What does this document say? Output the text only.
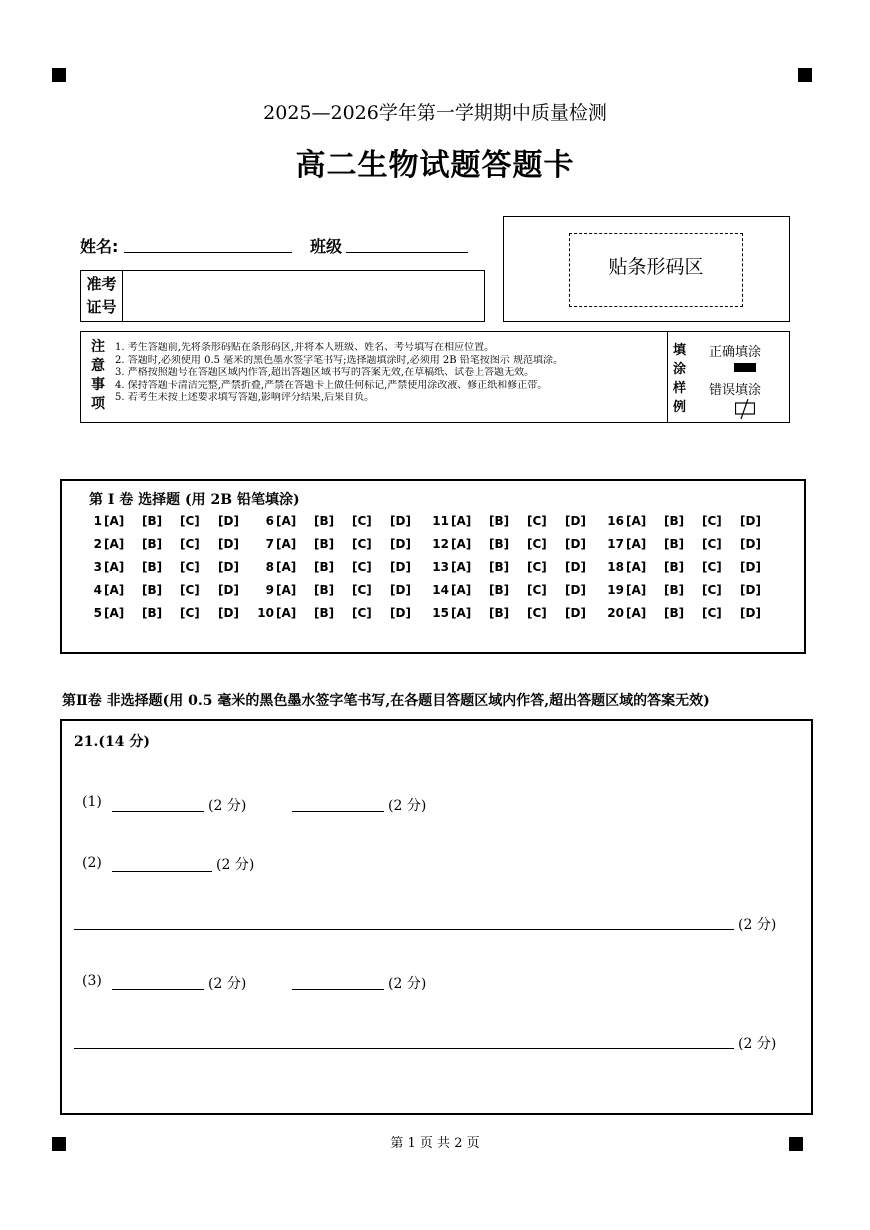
2025—2026学年第一学期期中质量检测
高二生物试题答题卡
姓名:	班级
准考
证号
贴条形码区
注
意
事
项
1. 考生答题前,先将条形码贴在条形码区,并将本人班级、姓名、考号填写在相应位置。
2. 答题时,必须使用 0.5 毫米的黑色墨水签字笔书写;选择题填涂时,必须用 2B 铅笔按图示 规范填涂。
3. 严格按照题号在答题区域内作答,超出答题区域书写的答案无效,在草稿纸、试卷上答题无效。
4. 保持答题卡清洁完整,严禁折叠,严禁在答题卡上做任何标记,严禁使用涂改液、修正纸和修正带。
5. 若考生未按上述要求填写答题,影响评分结果,后果自负。
填
涂
样
例
正确填涂
错误填涂
第 Ⅰ 卷 选择题 (用 2B 铅笔填涂)
1 [A] [B] [C] [D]	6 [A] [B] [C] [D]	11 [A] [B] [C] [D]	16 [A] [B] [C] [D]
2 [A] [B] [C] [D]	7 [A] [B] [C] [D]	12 [A] [B] [C] [D]	17 [A] [B] [C] [D]
3 [A] [B] [C] [D]	8 [A] [B] [C] [D]	13 [A] [B] [C] [D]	18 [A] [B] [C] [D]
4 [A] [B] [C] [D]	9 [A] [B] [C] [D]	14 [A] [B] [C] [D]	19 [A] [B] [C] [D]
5 [A] [B] [C] [D]	10 [A] [B] [C] [D]	15 [A] [B] [C] [D]	20 [A] [B] [C] [D]
第Ⅱ卷 非选择题(用 0.5 毫米的黑色墨水签字笔书写,在各题目答题区域内作答,超出答题区域的答案无效)
21.(14 分)
(1)	(2 分)	(2 分)
(2)	(2 分)
(2 分)
(3)	(2 分)	(2 分)
(2 分)
第 1 页 共 2 页
